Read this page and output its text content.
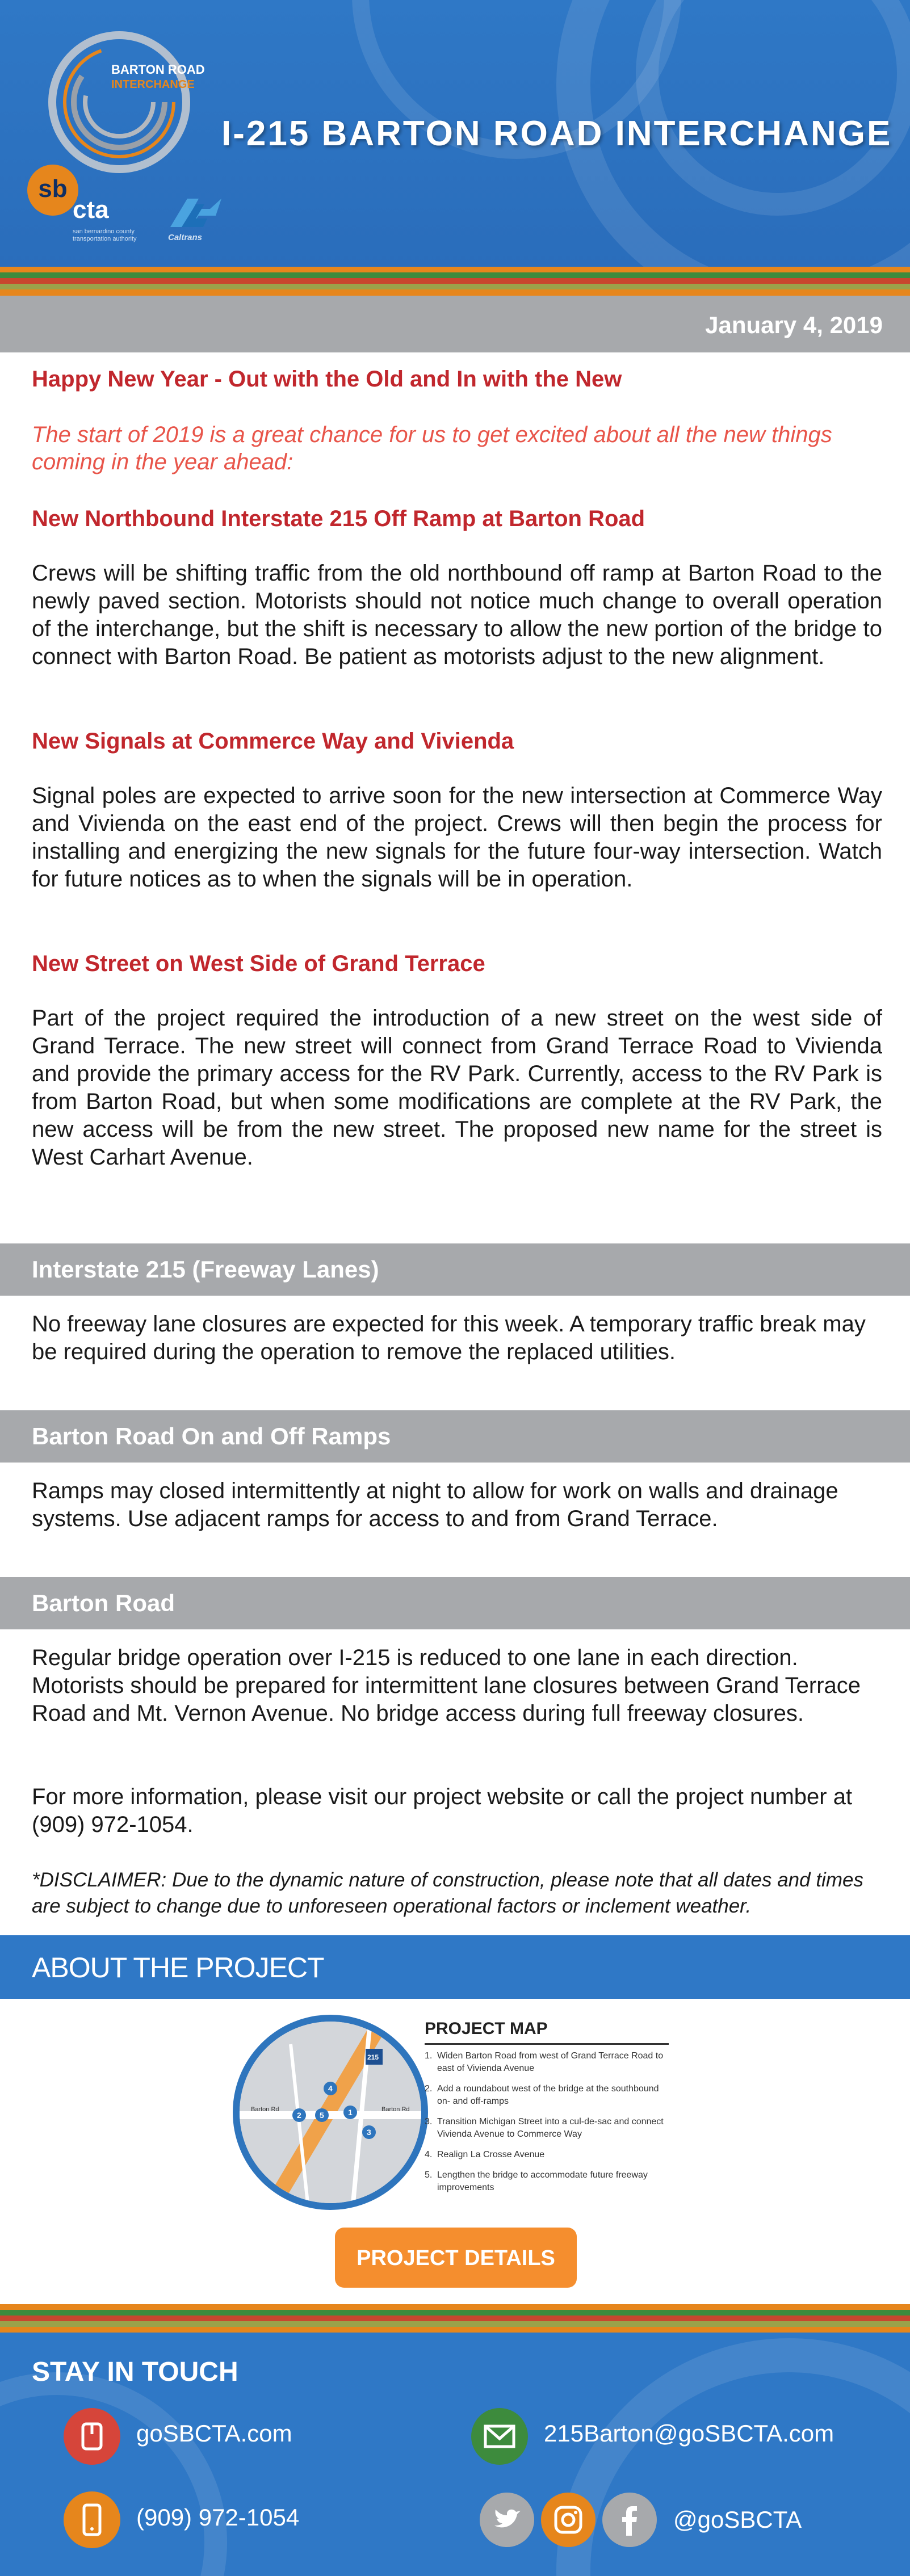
BARTON ROAD
INTERCHANGE
I-215 BARTON ROAD INTERCHANGE
sb
cta
san bernardino county transportation authority	Caltrans
January 4, 2019

Happy New Year - Out with the Old and In with the New

The start of 2019 is a great chance for us to get excited about all the new things coming in the year ahead:

New Northbound Interstate 215 Off Ramp at Barton Road

Crews will be shifting traffic from the old northbound off ramp at Barton Road to the newly paved section. Motorists should not notice much change to overall operation of the interchange, but the shift is necessary to allow the new portion of the bridge to connect with Barton Road. Be patient as motorists adjust to the new alignment.

New Signals at Commerce Way and Vivienda

Signal poles are expected to arrive soon for the new intersection at Commerce Way and Vivienda on the east end of the project. Crews will then begin the process for installing and energizing the new signals for the future four-way intersection. Watch for future notices as to when the signals will be in operation.

New Street on West Side of Grand Terrace

Part of the project required the introduction of a new street on the west side of Grand Terrace. The new street will connect from Grand Terrace Road to Vivienda and provide the primary access for the RV Park. Currently, access to the RV Park is from Barton Road, but when some modifications are complete at the RV Park, the new access will be from the new street. The proposed new name for the street is West Carhart Avenue.

Interstate 215 (Freeway Lanes)

No freeway lane closures are expected for this week. A temporary traffic break may be required during the operation to remove the replaced utilities.

Barton Road On and Off Ramps

Ramps may closed intermittently at night to allow for work on walls and drainage systems. Use adjacent ramps for access to and from Grand Terrace.

Barton Road

Regular bridge operation over I-215 is reduced to one lane in each direction. Motorists should be prepared for intermittent lane closures between Grand Terrace Road and Mt. Vernon Avenue. No bridge access during full freeway closures.

For more information, please visit our project website or call the project number at (909) 972-1054.

*DISCLAIMER: Due to the dynamic nature of construction, please note that all dates and times are subject to change due to unforeseen operational factors or inclement weather.

ABOUT THE PROJECT
2
4
5	1
3
215
Barton Rd	Barton Rd
PROJECT MAP
1. Widen Barton Road from west of Grand Terrace Road to east of Vivienda Avenue
2. Add a roundabout west of the bridge at the southbound on- and off-ramps
3. Transition Michigan Street into a cul-de-sac and connect Vivienda Avenue to Commerce Way
4. Realign La Crosse Avenue
5. Lengthen the bridge to accommodate future freeway improvements
PROJECT DETAILS
STAY IN TOUCH
goSBCTA.com	215Barton@goSBCTA.com
(909) 972-1054	@goSBCTA
